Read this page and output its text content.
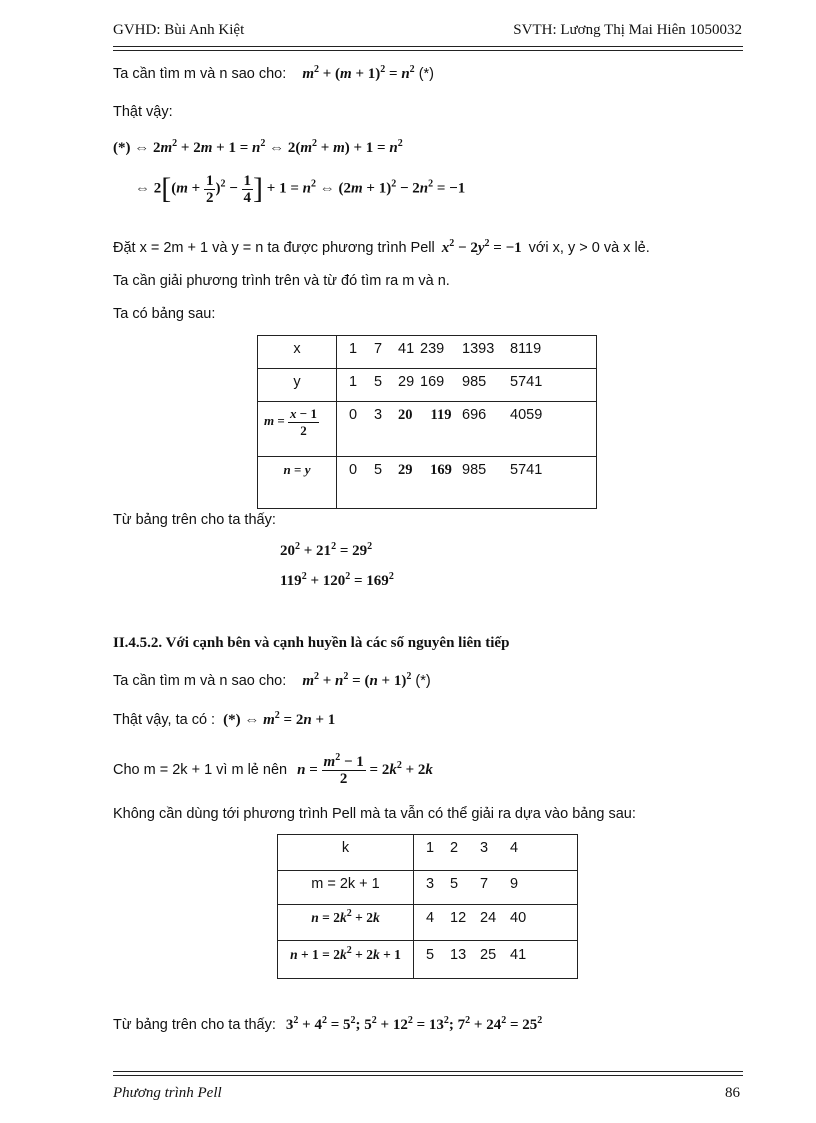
GVHD: Bùi Anh Kiệt	SVTH: Lương Thị Mai Hiên 1050032
Ta cần tìm m và n sao cho: $m^2 + (m + 1)^2 = n^2$ (*)
Thật vậy:
(*) ⇔ $2m^2 + 2m + 1 = n^2$ ⇔ $2(m^2 + m) + 1 = n^2$
⇔ $2[(m + \frac{1}{2} )^2 - \frac{1}{4}$ ] + $1 = n^2$ ⇔ $(2m + 1)^2 - 2n^2 = -1$
Đặt x = 2m + 1 và y = n ta được phương trình Pell $x^2 - 2y^2 = -1$ với x, y > 0 và x lẻ.
Ta cần giải phương trình trên và từ đó tìm ra m và n.
Ta có bảng sau:
x	1 7 41 239 1393 8119
y	1 5 29 169 985 5741
$m = \frac{x - 1}{2}$	0 3 20 119 696 4059
n = y	0 5 29 169 985 5741
Từ bảng trên cho ta thấy:
$20^2 + 21^2 = 29^2$
$119^2 + 120^2 = 169^2$
II.4.5.2. Với cạnh bên và cạnh huyền là các số nguyên liên tiếp
Ta cần tìm m và n sao cho: $m^2 + n^2 = (n + 1)^2$ (*)
Thật vậy, ta có : (*) ⇔ $m^2 = 2n + 1$
Cho m = 2k + 1 vì m lẻ nên $n = \frac{m^2 - 1}{2} = 2k^2 + 2k$
Không cần dùng tới phương trình Pell mà ta vẫn có thể giải ra dựa vào bảng sau:
k	1 2 3 4
m = 2k + 1	3 5 7 9
$n = 2k^2 + 2k$	4 12 24 40
$n + 1 = 2k^2 + 2k + 1$	5 13 25 41
Từ bảng trên cho ta thấy: $3^2 + 4^2 = 5^2$; $5^2 + 12^2 = 13^2$; $7^2 + 24^2 = 25^2$
Phương trình Pell	86
